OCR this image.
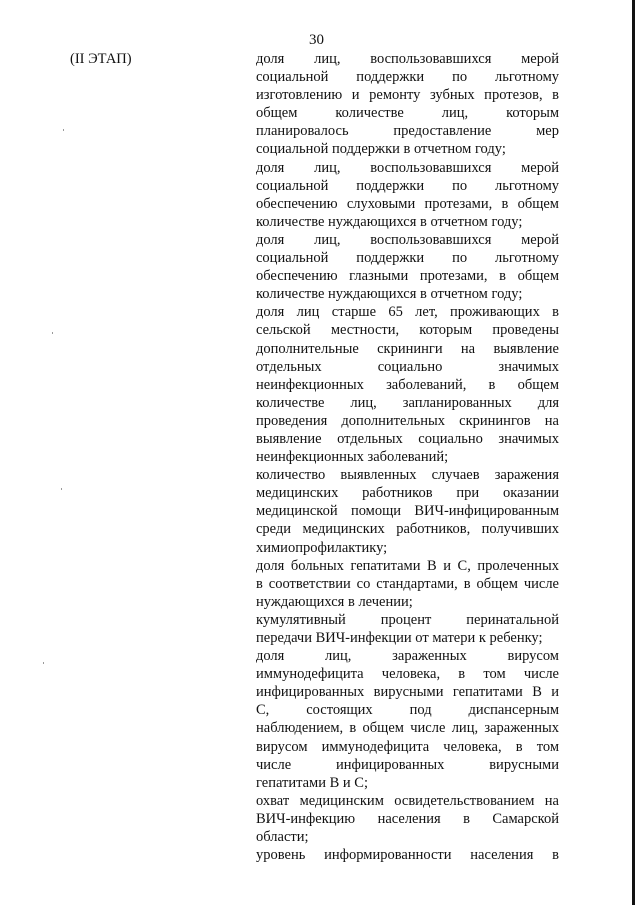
30
(II ЭТАП)	доля лиц, воспользовавшихся мерой
социальной поддержки по льготному
изготовлению и ремонту зубных протезов, в
общем количестве лиц, которым
планировалось предоставление мер
социальной поддержки в отчетном году;
доля лиц, воспользовавшихся мерой
социальной поддержки по льготному
обеспечению слуховыми протезами, в общем
количестве нуждающихся в отчетном году;
доля лиц, воспользовавшихся мерой
социальной поддержки по льготному
обеспечению глазными протезами, в общем
количестве нуждающихся в отчетном году;
доля лиц старше 65 лет, проживающих в
сельской местности, которым проведены
дополнительные скрининги на выявление
отдельных социально значимых
неинфекционных заболеваний, в общем
количестве лиц, запланированных для
проведения дополнительных скринингов на
выявление отдельных социально значимых
неинфекционных заболеваний;
количество выявленных случаев заражения
медицинских работников при оказании
медицинской помощи ВИЧ-инфицированным
среди медицинских работников, получивших
химиопрофилактику;
доля больных гепатитами В и С, пролеченных
в соответствии со стандартами, в общем числе
нуждающихся в лечении;
кумулятивный процент перинатальной
передачи ВИЧ-инфекции от матери к ребенку;
доля лиц, зараженных вирусом
иммунодефицита человека, в том числе
инфицированных вирусными гепатитами В и
С, состоящих под диспансерным
наблюдением, в общем числе лиц, зараженных
вирусом иммунодефицита человека, в том
числе инфицированных вирусными
гепатитами В и С;
охват медицинским освидетельствованием на
ВИЧ-инфекцию населения в Самарской
области;
уровень информированности населения в
